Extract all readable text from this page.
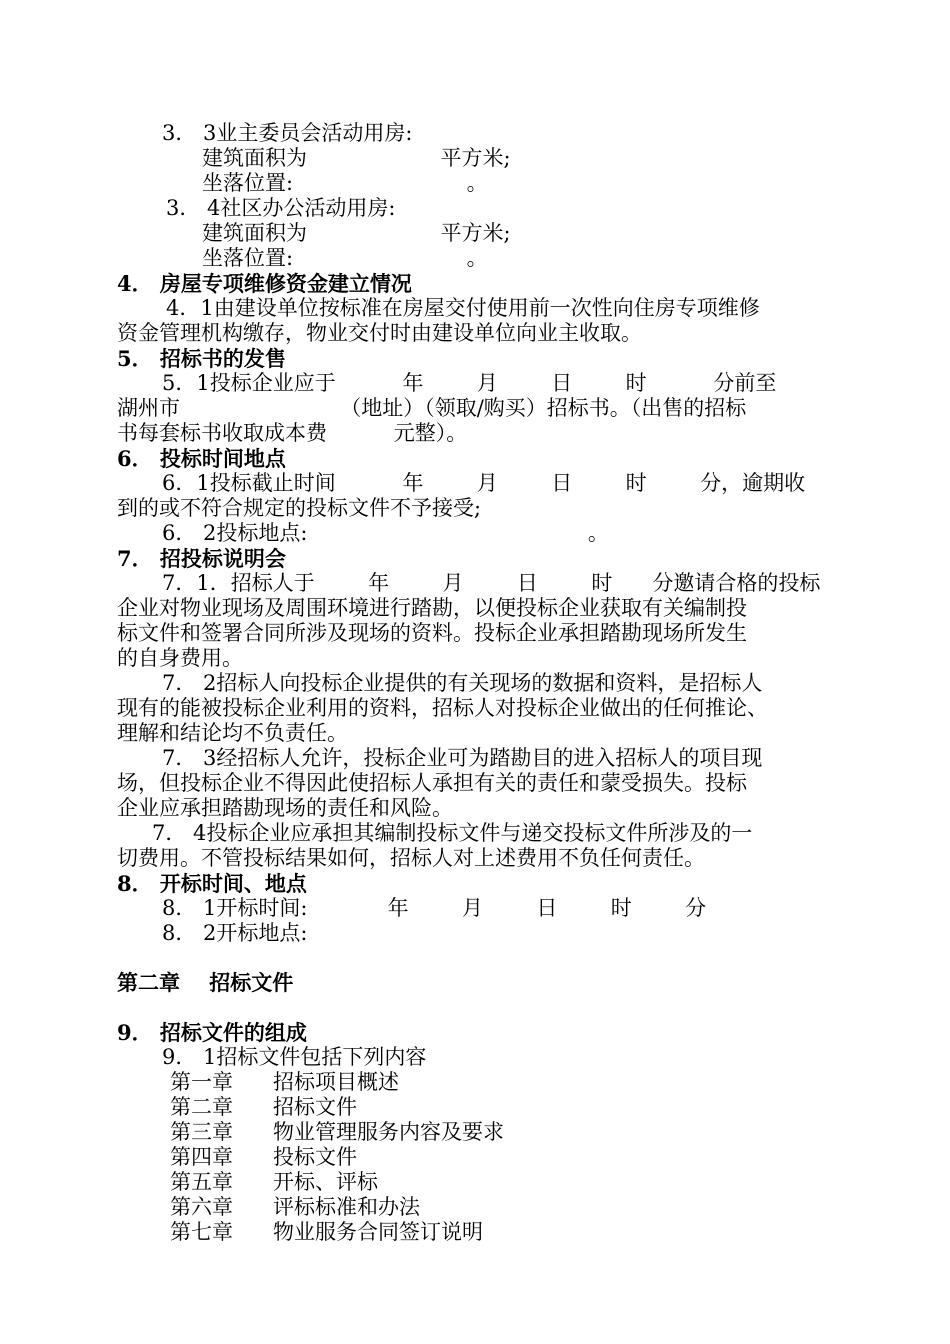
3． 3业主委员会活动用房:
建筑面积为                    平方米;
坐落位置:                          。
3． 4社区办公活动用房:
建筑面积为                    平方米;
坐落位置:                          。
4． 房屋专项维修资金建立情况
4．1由建设单位按标准在房屋交付使用前一次性向住房专项维修
资金管理机构缴存，物业交付时由建设单位向业主收取。
5． 招标书的发售
5．1投标企业应于          年        月        日        时          分前至
湖州市                        （地址）（领取/购买）招标书。（出售的招标
书每套标书收取成本费          元整）。
6． 投标时间地点
6．1投标截止时间          年        月        日        时        分，逾期收
到的或不符合规定的投标文件不予接受;
6． 2投标地点:                                          。
7． 招投标说明会
7．1．招标人于        年        月        日        时      分邀请合格的投标
企业对物业现场及周围环境进行踏勘，以便投标企业获取有关编制投
标文件和签署合同所涉及现场的资料。投标企业承担踏勘现场所发生
的自身费用。
7． 2招标人向投标企业提供的有关现场的数据和资料，是招标人
现有的能被投标企业利用的资料，招标人对投标企业做出的任何推论、
理解和结论均不负责任。
7． 3经招标人允许，投标企业可为踏勘目的进入招标人的项目现
场，但投标企业不得因此使招标人承担有关的责任和蒙受损失。投标
企业应承担踏勘现场的责任和风险。
7． 4投标企业应承担其编制投标文件与递交投标文件所涉及的一
切费用。不管投标结果如何，招标人对上述费用不负任何责任。
8． 开标时间、地点
8． 1开标时间:            年        月        日        时        分
8． 2开标地点:
第二章    招标文件
9． 招标文件的组成
9． 1招标文件包括下列内容
第一章      招标项目概述
第二章      招标文件
第三章      物业管理服务内容及要求
第四章      投标文件
第五章      开标、评标
第六章      评标标准和办法
第七章      物业服务合同签订说明
